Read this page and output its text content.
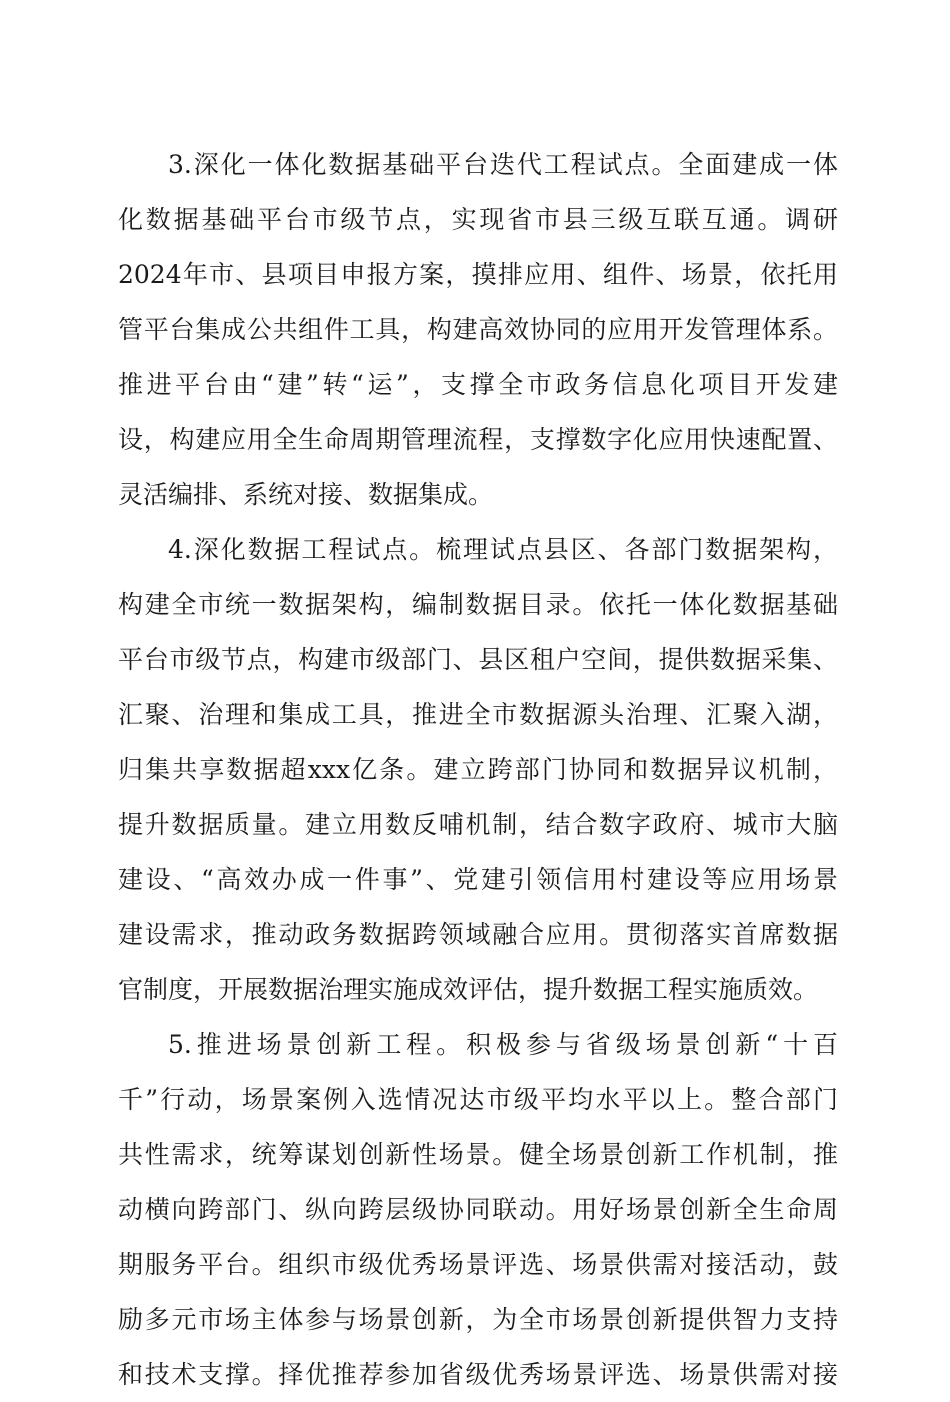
3.深化一体化数据基础平台迭代工程试点。全面建成一体
化数据基础平台市级节点，实现省市县三级互联互通。调研
2024年市、县项目申报方案，摸排应用、组件、场景，依托用
管平台集成公共组件工具，构建高效协同的应用开发管理体系。
推进平台由“建”转“运”，支撑全市政务信息化项目开发建
设，构建应用全生命周期管理流程，支撑数字化应用快速配置、
灵活编排、系统对接、数据集成。
4.深化数据工程试点。梳理试点县区、各部门数据架构，
构建全市统一数据架构，编制数据目录。依托一体化数据基础
平台市级节点，构建市级部门、县区租户空间，提供数据采集、
汇聚、治理和集成工具，推进全市数据源头治理、汇聚入湖，
归集共享数据超xxx亿条。建立跨部门协同和数据异议机制，
提升数据质量。建立用数反哺机制，结合数字政府、城市大脑
建设、“高效办成一件事”、党建引领信用村建设等应用场景
建设需求，推动政务数据跨领域融合应用。贯彻落实首席数据
官制度，开展数据治理实施成效评估，提升数据工程实施质效。
5.推进场景创新工程。积极参与省级场景创新“十百
千”行动，场景案例入选情况达市级平均水平以上。整合部门
共性需求，统筹谋划创新性场景。健全场景创新工作机制，推
动横向跨部门、纵向跨层级协同联动。用好场景创新全生命周
期服务平台。组织市级优秀场景评选、场景供需对接活动，鼓
励多元市场主体参与场景创新，为全市场景创新提供智力支持
和技术支撑。择优推荐参加省级优秀场景评选、场景供需对接
